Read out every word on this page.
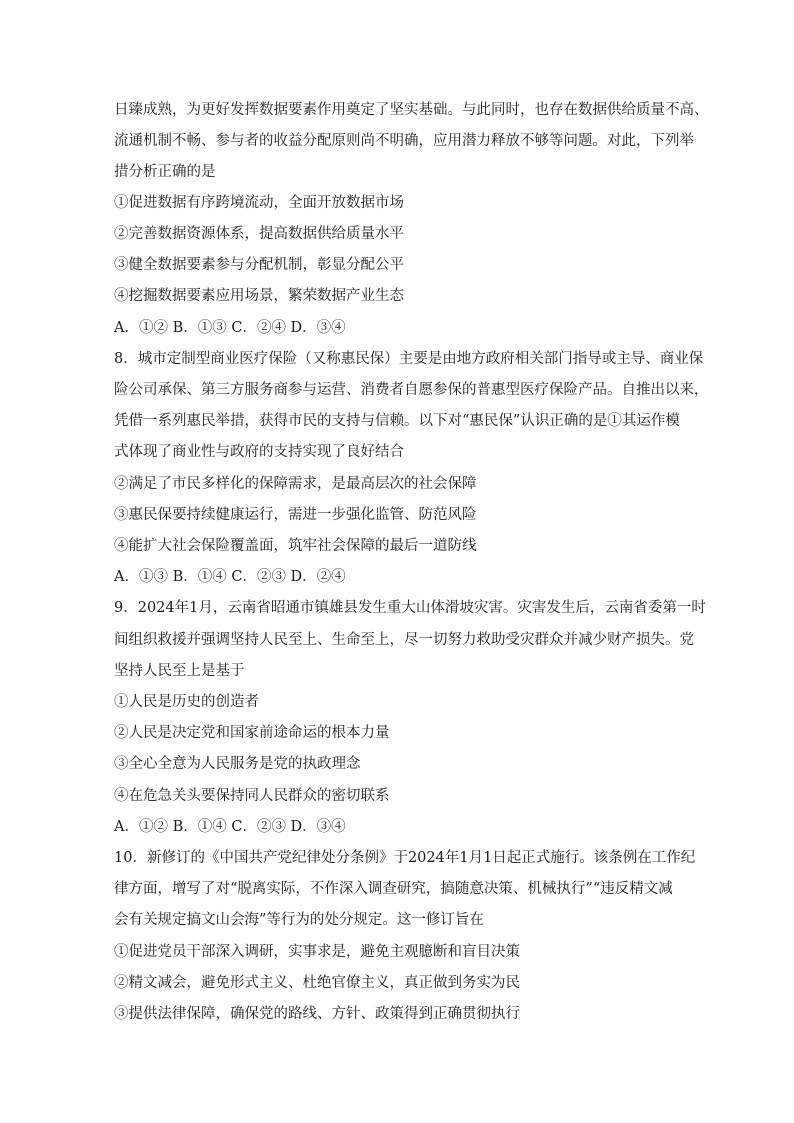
日臻成熟，为更好发挥数据要素作用奠定了坚实基础。与此同时，也存在数据供给质量不高、
流通机制不畅、参与者的收益分配原则尚不明确，应用潜力释放不够等问题。对此，下列举
措分析正确的是
①促进数据有序跨境流动，全面开放数据市场
②完善数据资源体系，提高数据供给质量水平
③健全数据要素参与分配机制，彰显分配公平
④挖掘数据要素应用场景，繁荣数据产业生态
A．①② B．①③ C．②④ D．③④
8．城市定制型商业医疗保险（又称惠民保）主要是由地方政府相关部门指导或主导、商业保
险公司承保、第三方服务商参与运营、消费者自愿参保的普惠型医疗保险产品。自推出以来，
凭借一系列惠民举措，获得市民的支持与信赖。以下对“惠民保”认识正确的是①其运作模
式体现了商业性与政府的支持实现了良好结合
②满足了市民多样化的保障需求，是最高层次的社会保障
③惠民保要持续健康运行，需进一步强化监管、防范风险
④能扩大社会保险覆盖面，筑牢社会保障的最后一道防线
A．①③ B．①④ C．②③ D．②④
9．2024年1月，云南省昭通市镇雄县发生重大山体滑坡灾害。灾害发生后，云南省委第一时
间组织救援并强调坚持人民至上、生命至上，尽一切努力救助受灾群众并减少财产损失。党
坚持人民至上是基于
①人民是历史的创造者
②人民是决定党和国家前途命运的根本力量
③全心全意为人民服务是党的执政理念
④在危急关头要保持同人民群众的密切联系
A．①② B．①④ C．②③ D．③④
10．新修订的《中国共产党纪律处分条例》于2024年1月1日起正式施行。该条例在工作纪
律方面，增写了对“脱离实际，不作深入调查研究，搞随意决策、机械执行”“违反精文减
会有关规定搞文山会海”等行为的处分规定。这一修订旨在
①促进党员干部深入调研，实事求是，避免主观臆断和盲目决策
②精文减会，避免形式主义、杜绝官僚主义，真正做到务实为民
③提供法律保障，确保党的路线、方针、政策得到正确贯彻执行
